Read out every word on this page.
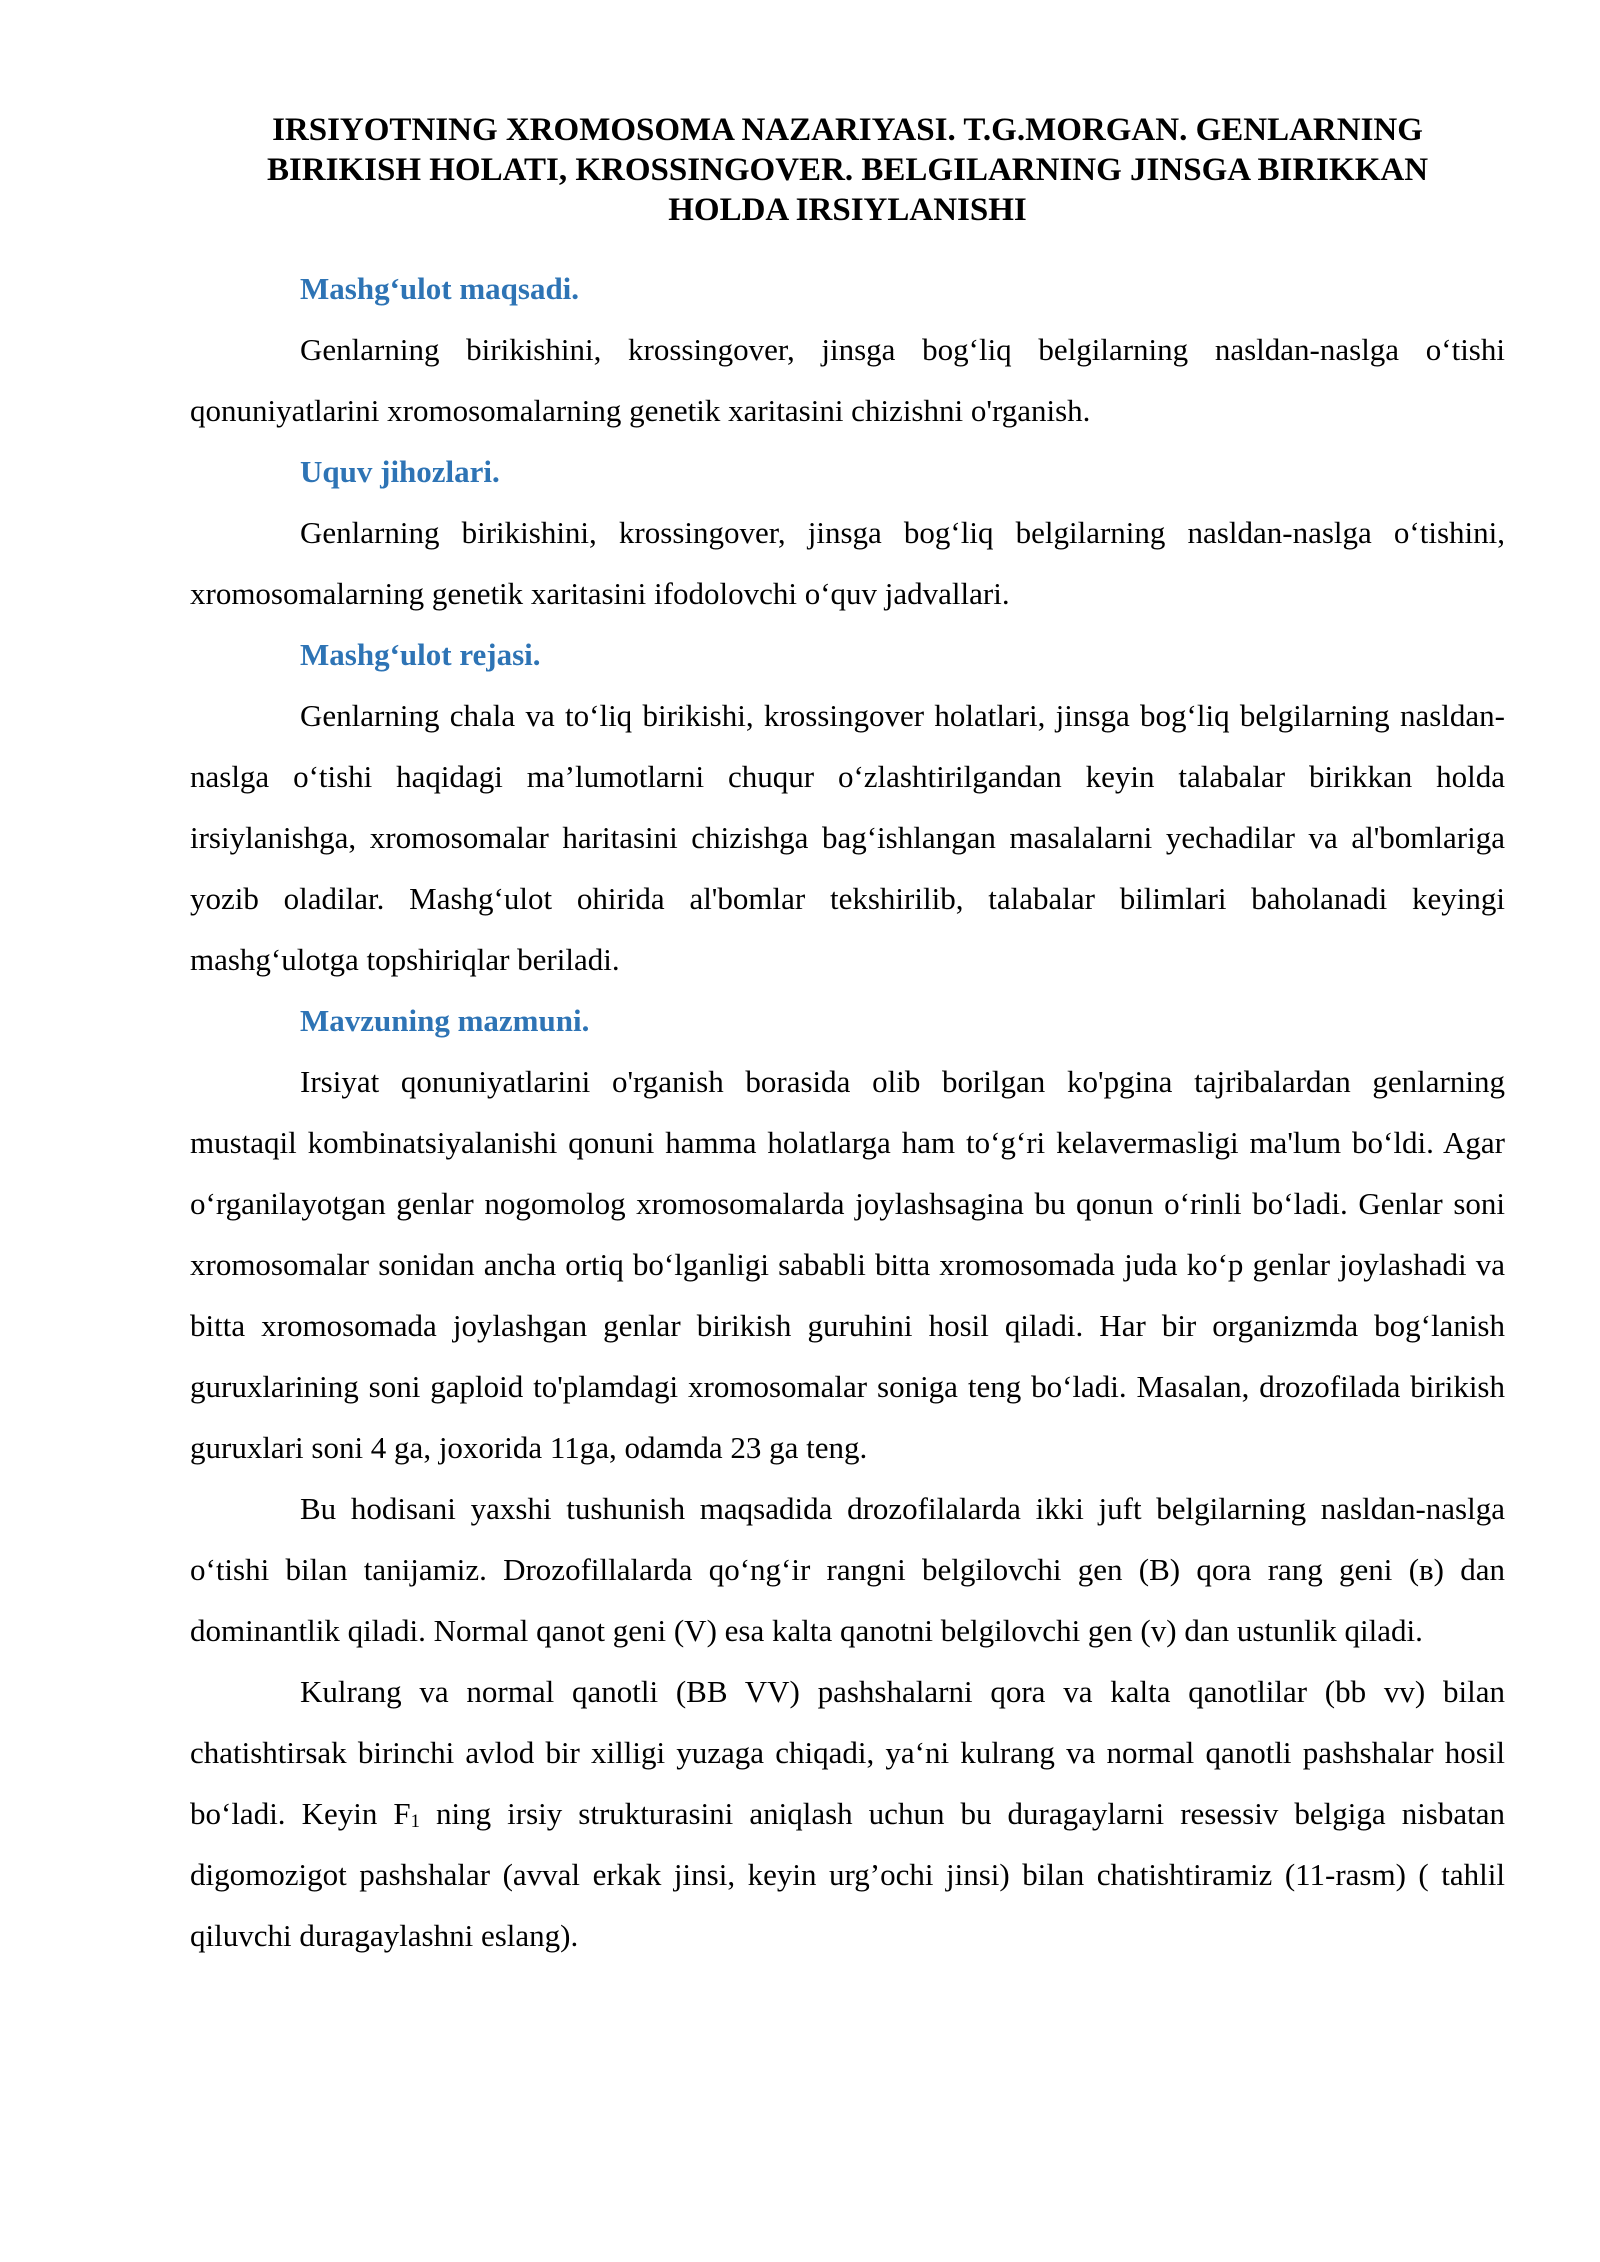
IRSIYOTNING XROMOSOMA NAZARIYASI. T.G.MORGAN. GENLARNING
BIRIKISH HOLATI, KROSSINGOVER. BELGILARNING JINSGA BIRIKKAN
HOLDA IRSIYLANISHI

Mashg‘ulot maqsadi.

Genlarning birikishini, krossingover, jinsga bog‘liq belgilarning nasldan-naslga o‘tishi qonuniyatlarini xromosomalarning genetik xaritasini chizishni o'rganish.

Uquv jihozlari.

Genlarning birikishini, krossingover, jinsga bog‘liq belgilarning nasldan-naslga o‘tishini, xromosomalarning genetik xaritasini ifodolovchi o‘quv jadvallari.

Mashg‘ulot rejasi.

Genlarning chala va to‘liq birikishi, krossingover holatlari, jinsga bog‘liq belgilarning nasldan-naslga o‘tishi haqidagi ma’lumotlarni chuqur o‘zlashtirilgandan keyin talabalar birikkan holda irsiylanishga, xromosomalar haritasini chizishga bag‘ishlangan masalalarni yechadilar va al'bomlariga yozib oladilar. Mashg‘ulot ohirida al'bomlar tekshirilib, talabalar bilimlari baholanadi keyingi mashg‘ulotga topshiriqlar beriladi.

Mavzuning mazmuni.

Irsiyat qonuniyatlarini o'rganish borasida olib borilgan ko'pgina tajribalardan genlarning mustaqil kombinatsiyalanishi qonuni hamma holatlarga ham to‘g‘ri kelavermasligi ma'lum bo‘ldi. Agar o‘rganilayotgan genlar nogomolog xromosomalarda joylashsagina bu qonun o‘rinli bo‘ladi. Genlar soni xromosomalar sonidan ancha ortiq bo‘lganligi sababli bitta xromosomada juda ko‘p genlar joylashadi va bitta xromosomada joylashgan genlar birikish guruhini hosil qiladi. Har bir organizmda bog‘lanish guruxlarining soni gaploid to'plamdagi xromosomalar soniga teng bo‘ladi. Masalan, drozofilada birikish guruxlari soni 4 ga, joxorida 11ga, odamda 23 ga teng.

Bu hodisani yaxshi tushunish maqsadida drozofilalarda ikki juft belgilarning nasldan-naslga o‘tishi bilan tanijamiz. Drozofillalarda qo‘ng‘ir rangni belgilovchi gen (B) qora rang geni (в) dan dominantlik qiladi. Normal qanot geni (V) esa kalta qanotni belgilovchi gen (v) dan ustunlik qiladi.

Kulrang va normal qanotli (BB VV) pashshalarni qora va kalta qanotlilar (bb vv) bilan chatishtirsak birinchi avlod bir xilligi yuzaga chiqadi, ya‘ni kulrang va normal qanotli pashshalar hosil bo‘ladi. Keyin $F_1$ ning irsiy strukturasini aniqlash uchun bu duragaylarni resessiv belgiga nisbatan digomozigot pashshalar (avval erkak jinsi, keyin urg’ochi jinsi) bilan chatishtiramiz (11-rasm) ( tahlil qiluvchi duragaylashni eslang).
